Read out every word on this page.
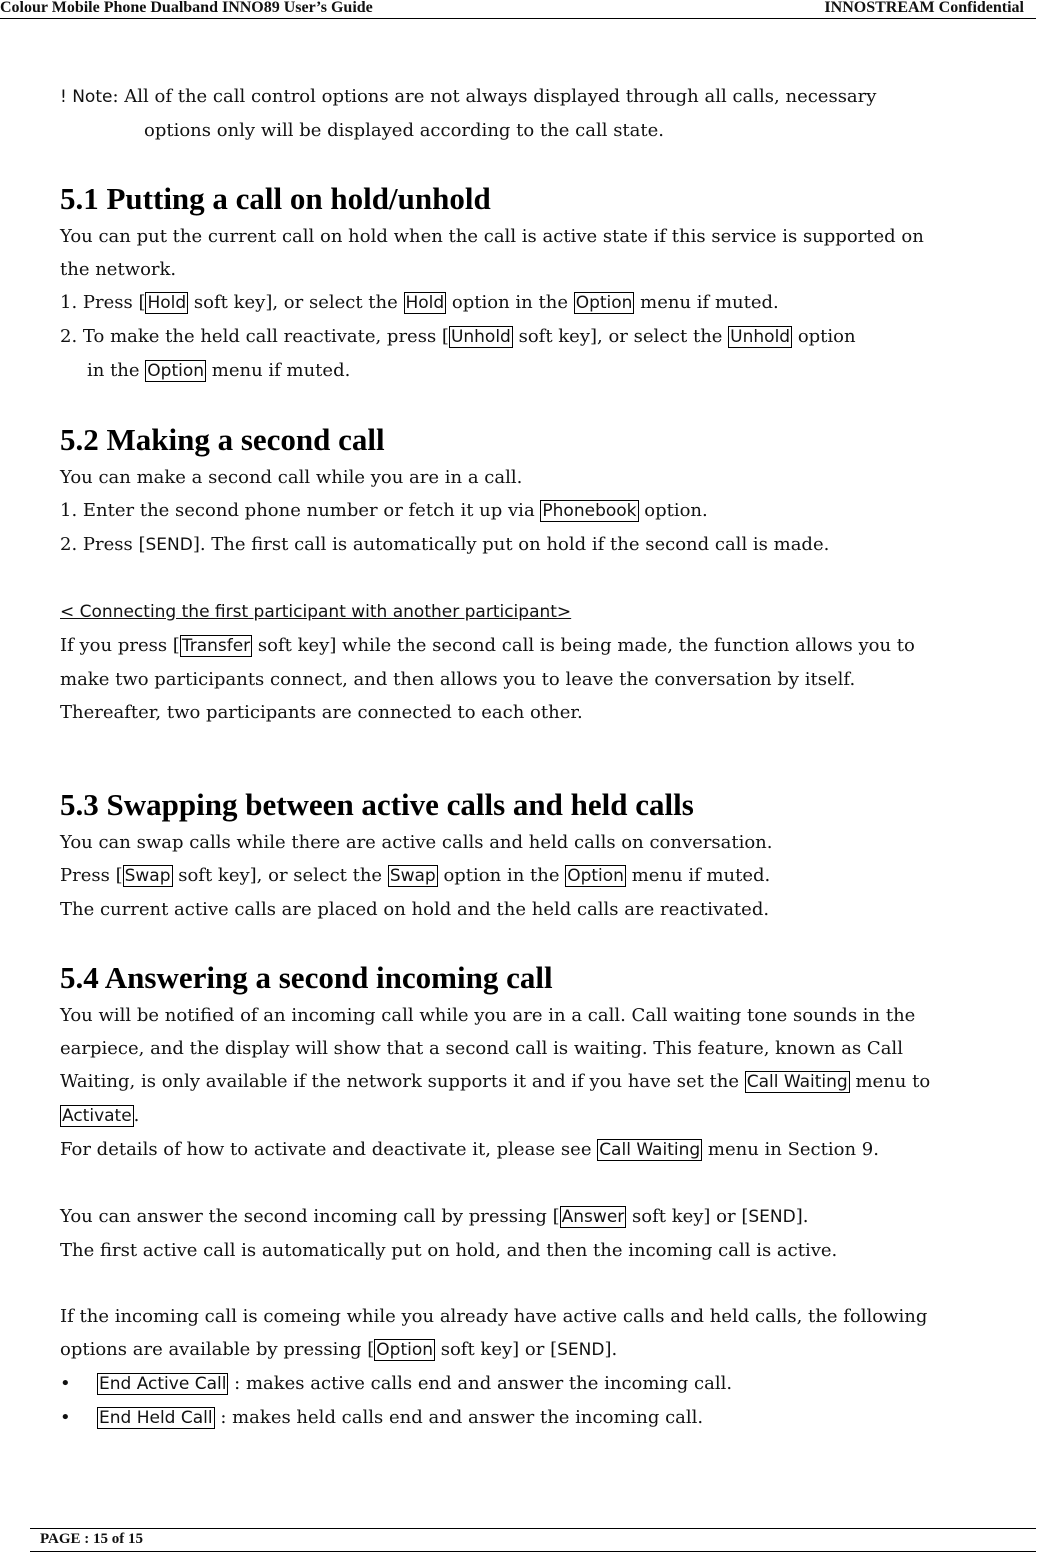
Colour Mobile Phone Dualband INNO89 User’s Guide	INNOSTREAM Confidential
! Note: All of the call control options are not always displayed through all calls, necessary
options only will be displayed according to the call state.
5.1 Putting a call on hold/unhold
You can put the current call on hold when the call is active state if this service is supported on
the network.
1. Press [ Hold soft key], or select the Hold option in the Option menu if muted.
2. To make the held call reactivate, press [ Unhold soft key], or select the Unhold option
in the Option menu if muted.
5.2 Making a second call
You can make a second call while you are in a call.
1. Enter the second phone number or fetch it up via Phonebook option.
2. Press [SEND]. The first call is automatically put on hold if the second call is made.
< Connecting the first participant with another participant>
If you press [ Transfer soft key] while the second call is being made, the function allows you to
make two participants connect, and then allows you to leave the conversation by itself.
Thereafter, two participants are connected to each other.
5.3 Swapping between active calls and held calls
You can swap calls while there are active calls and held calls on conversation.
Press [ Swap soft key], or select the Swap option in the Option menu if muted.
The current active calls are placed on hold and the held calls are reactivated.
5.4 Answering a second incoming call
You will be notified of an incoming call while you are in a call. Call waiting tone sounds in the
earpiece, and the display will show that a second call is waiting. This feature, known as Call
Waiting, is only available if the network supports it and if you have set the Call Waiting menu to
Activate .
For details of how to activate and deactivate it, please see Call Waiting menu in Section 9.
You can answer the second incoming call by pressing [ Answer soft key] or [SEND].
The first active call is automatically put on hold, and then the incoming call is active.
If the incoming call is comeing while you already have active calls and held calls, the following
options are available by pressing [ Option soft key] or [SEND].
•	End Active Call : makes active calls end and answer the incoming call.
•	End Held Call : makes held calls end and answer the incoming call.
PAGE : 15 of 15
